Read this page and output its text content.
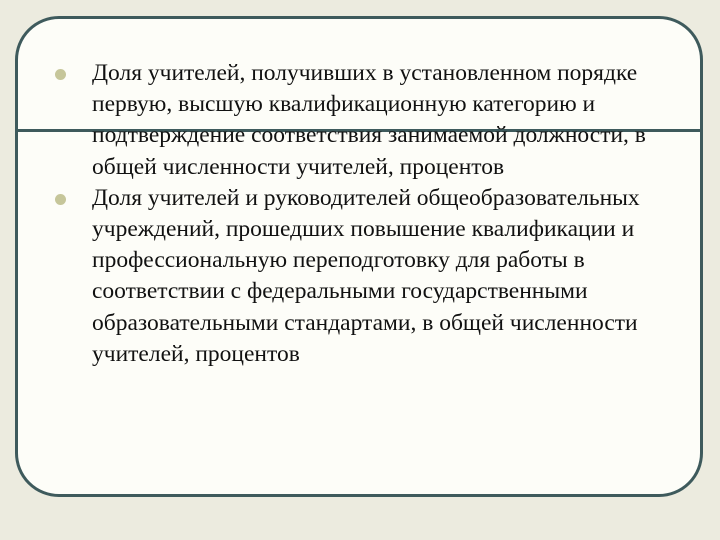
Доля учителей, получивших в установленном порядке первую, высшую квалификационную категорию и подтверждение соответствия занимаемой должности, в общей численности учителей, процентов
Доля учителей и руководителей общеобразовательных учреждений, прошедших повышение квалификации и профессиональную переподготовку для работы в соответствии с федеральными государственными образовательными стандартами, в общей численности учителей, процентов
